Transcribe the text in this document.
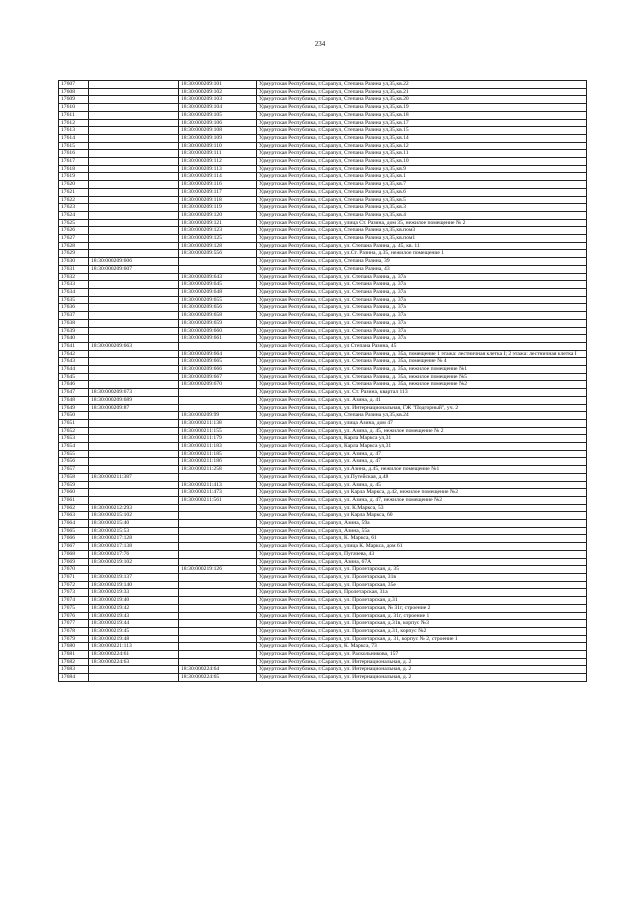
234
17607		18:30:000209:101	Удмуртская Республика, г.Сарапул, Степана Разина ул,35,кв.22
17608		18:30:000209:102	Удмуртская Республика, г.Сарапул, Степана Разина ул,35,кв.21
17609		18:30:000209:103	Удмуртская Республика, г.Сарапул, Степана Разина ул,35,кв.20
17610		18:30:000209:104	Удмуртская Республика, г.Сарапул, Степана Разина ул,35,кв.19
17611		18:30:000209:105	Удмуртская Республика, г.Сарапул, Степана Разина ул,35,кв.18
17612		18:30:000209:106	Удмуртская Республика, г.Сарапул, Степана Разина ул,35,кв.17
17613		18:30:000209:108	Удмуртская Республика, г.Сарапул, Степана Разина ул,35,кв.15
17614		18:30:000209:109	Удмуртская Республика, г.Сарапул, Степана Разина ул,35,кв.14
17615		18:30:000209:110	Удмуртская Республика, г.Сарапул, Степана Разина ул,35,кв.12
17616		18:30:000209:111	Удмуртская Республика, г.Сарапул, Степана Разина ул,35,кв.11
17617		18:30:000209:112	Удмуртская Республика, г.Сарапул, Степана Разина ул,35,кв.10
17618		18:30:000209:113	Удмуртская Республика, г.Сарапул, Степана Разина ул,35,кв.9
17619		18:30:000209:114	Удмуртская Республика, г.Сарапул, Степана Разина ул,35,кв.1
17620		18:30:000209:116	Удмуртская Республика, г.Сарапул, Степана Разина ул,35,кв.7
17621		18:30:000209:117	Удмуртская Республика, г.Сарапул, Степана Разина ул,35,кв.6
17622		18:30:000209:118	Удмуртская Республика, г.Сарапул, Степана Разина ул,35,кв.5
17623		18:30:000209:119	Удмуртская Республика, г.Сарапул, Степана Разина ул,35,кв.3
17624		18:30:000209:120	Удмуртская Республика, г.Сарапул, Степана Разина ул,35,кв.4
17625		18:30:000209:121	Удмуртская Республика, г.Сарапул, улица Ст. Разина, дом 35, нежилое помещение № 2
17626		18:30:000209:123	Удмуртская Республика, г.Сарапул, Степана Разина ул,35,кв.пом3
17627		18:30:000209:125	Удмуртская Республика, г.Сарапул, Степана Разина ул,35,кв.пом1
17628		18:30:000209:128	Удмуртская Республика, г.Сарапул, ул. Степана Разина, д. 45, кв. 11
17629		18:30:000209:556	Удмуртская Республика, г.Сарапул, ул.Ст. Разина, д.35, нежилое помещение 1
17630	18:30:000209:606		Удмуртская Республика, г.Сарапул, Степана Разина, 39
17631	18:30:000209:607		Удмуртская Республика, г.Сарапул, Степана Разина, 43
17632		18:30:000209:643	Удмуртская Республика, г.Сарапул, ул. Степана Разина, д. 37а
17633		18:30:000209:645	Удмуртская Республика, г.Сарапул, ул. Степана Разина, д. 37а
17634		18:30:000209:648	Удмуртская Республика, г.Сарапул, ул. Степана Разина, д. 37а
17635		18:30:000209:655	Удмуртская Республика, г.Сарапул, ул. Степана Разина, д. 37а
17636		18:30:000209:656	Удмуртская Республика, г.Сарапул, ул. Степана Разина, д. 37а
17637		18:30:000209:658	Удмуртская Республика, г.Сарапул, ул. Степана Разина, д. 37а
17638		18:30:000209:659	Удмуртская Республика, г.Сарапул, ул. Степана Разина, д. 37а
17639		18:30:000209:660	Удмуртская Республика, г.Сарапул, ул. Степана Разина, д. 37а
17640		18:30:000209:661	Удмуртская Республика, г.Сарапул, ул. Степана Разина, д. 37а
17641	18:30:000209:663		Удмуртская Республика, г.Сарапул, ул Степана Разина, 45
17642		18:30:000209:664	Удмуртская Республика, г.Сарапул, ул. Степана Разина, д. 35а, помещение 1 этажа: лестничная клетка I; 2 этажа: лестничная клетка I
17643		18:30:000209:665	Удмуртская Республика, г.Сарапул, ул. Степана Разина, д. 35а, помещение № 4
17644		18:30:000209:666	Удмуртская Республика, г.Сарапул, ул. Степана Разина, д. 35а, нежилое помещение №1
17645		18:30:000209:667	Удмуртская Республика, г.Сарапул, ул. Степана Разина, д. 35а, нежилое помещение №5
17646		18:30:000209:670	Удмуртская Республика, г.Сарапул, ул. Степана Разина, д. 35а, нежилое помещение №2
17647	18:30:000209:673		Удмуртская Республика, г.Сарапул, ул. Ст. Разина, квартал 113
17648	18:30:000209:689		Удмуртская Республика, г.Сарапул, ул. Азина, д. 41
17649	18:30:000209:87		Удмуртская Республика, г.Сарапул, ул. Интернациональная, ГЖ "Подгорный", уч. 2
17650		18:30:000209:99	Удмуртская Республика, г.Сарапул, Степана Разина ул,35,кв.24
17651		18:30:000211:138	Удмуртская Республика, г.Сарапул, улица Азина, дом 47
17652		18:30:000211:155	Удмуртская Республика, г.Сарапул, ул. Азина, д. 45, нежилое помещение № 2
17653		18:30:000211:179	Удмуртская Республика, г.Сарапул, Карла Маркса ул,31
17654		18:30:000211:183	Удмуртская Республика, г.Сарапул, Карла Маркса ул,31
17655		18:30:000211:185	Удмуртская Республика, г.Сарапул, ул. Азина, д. 47
17656		18:30:000211:186	Удмуртская Республика, г.Сарапул, ул. Азина, д. 47
17657		18:30:000211:258	Удмуртская Республика, г.Сарапул, ул.Азина, д.45, нежилое помещение №1
17658	18:30:000211:387		Удмуртская Республика, г.Сарапул, ул.Путейская, д.48
17659		18:30:000211:413	Удмуртская Республика, г.Сарапул, ул. Азина, д. 45
17660		18:30:000211:473	Удмуртская Республика, г.Сарапул, ул Карла Маркса, д.42, нежилое помещение №2
17661		18:30:000211:561	Удмуртская Республика, г.Сарапул, ул. Азина, д. 47, нежилое помещение №2
17662	18:30:000212:293		Удмуртская Республика, г.Сарапул, ул. К.Маркса, 53
17663	18:30:000215:102		Удмуртская Республика, г.Сарапул, ул Карла Маркса, 60
17664	18:30:000215:40		Удмуртская Республика, г.Сарапул, Азина, 59а
17665	18:30:000215:53		Удмуртская Республика, г.Сарапул, Азина, 55а
17666	18:30:000217:128		Удмуртская Республика, г.Сарапул, К. Маркса, 61
17667	18:30:000217:138		Удмуртская Республика, г.Сарапул, улица К. Маркса, дом 61
17668	18:30:000217:76		Удмуртская Республика, г.Сарапул, Пугачева, 43
17669	18:30:000219:102		Удмуртская Республика, г.Сарапул, Азина, 67А
17670		18:30:000219:126	Удмуртская Республика, г.Сарапул, ул. Пролетарская, д. 35
17671	18:30:000219:137		Удмуртская Республика, г.Сарапул, ул. Пролетарская, 31в
17672	18:30:000219:140		Удмуртская Республика, г.Сарапул, ул. Пролетарская, 35е
17673	18:30:000219:33		Удмуртская Республика, г.Сарапул, Пролетарская, 31а
17674	18:30:000219:40		Удмуртская Республика, г.Сарапул, ул. Пролетарская, д.31
17675	18:30:000219:42		Удмуртская Республика, г.Сарапул, ул. Пролетарская, № 31г, строение 2
17676	18:30:000219:43		Удмуртская Республика, г.Сарапул, ул. Пролетарская, д. 31г, строение 1
17677	18:30:000219:44		Удмуртская Республика, г.Сарапул, ул. Пролетарская, д.31в, корпус №3
17678	18:30:000219:45		Удмуртская Республика, г.Сарапул, ул. Пролетарская, д.31, корпус №2
17679	18:30:000219:48		Удмуртская Республика, г.Сарапул, ул. Пролетарская, д. 31, корпус № 2, строение 1
17680	18:30:000221:113		Удмуртская Республика, г.Сарапул, К. Маркса, 73
17681	18:30:000224:61		Удмуртская Республика, г.Сарапул, ул. Раскольникова, 157
17682	18:30:000224:63		Удмуртская Республика, г.Сарапул, ул. Интернациональная, д. 2
17683		18:30:000224:64	Удмуртская Республика, г.Сарапул, ул. Интернациональная, д. 2
17684		18:30:000224:65	Удмуртская Республика, г.Сарапул, ул. Интернациональная, д. 2
